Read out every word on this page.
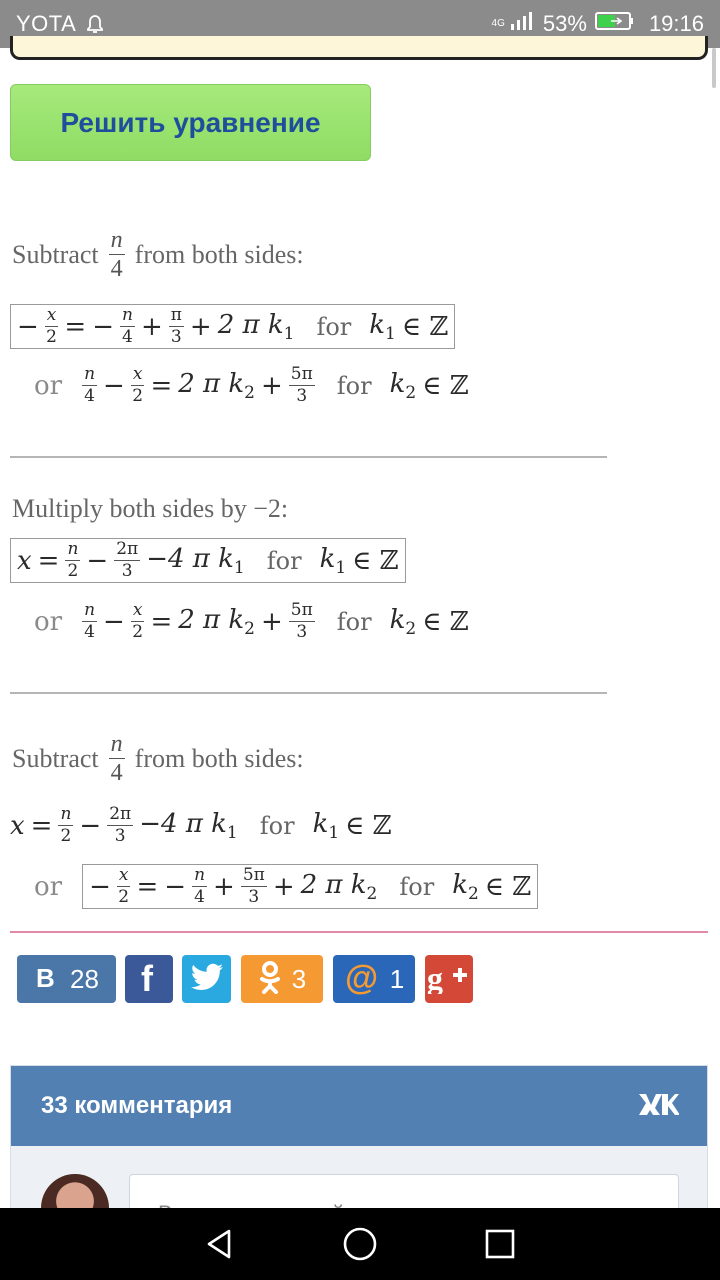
YOTA	4G 53%	19:16
Решить уравнение
Subtract $\frac{n}{4}$ from both sides:
− $\frac{x}{2}$ = − $\frac{n}{4} + \frac{\pi}{3} + 2$ π $k_1$ for $k_1$ ∈ ℤ
or $\frac{n}{4} - \frac{x}{2} = 2$ π $k_2 + \frac{5\pi}{3}$ for $k_2$ ∈ ℤ
Multiply both sides by −2:
$x = \frac{n}{2} - \frac{2\pi}{3} -4$ π $k_1$ for $k_1$ ∈ ℤ
or $\frac{n}{4} - \frac{x}{2} = 2$ π $k_2 + \frac{5\pi}{3}$ for $k_2$ ∈ ℤ
Subtract $\frac{n}{4}$ from both sides:
$x = \frac{n}{2} - \frac{2\pi}{3} -4$ π $k_1$ for $k_1$ ∈ ℤ
or − $\frac{x}{2}$ = − $\frac{n}{4} + \frac{5\pi}{3} + 2$ π $k_2$ for $k_2$ ∈ ℤ
B 28 f	3 @ 1 g
33 комментария
